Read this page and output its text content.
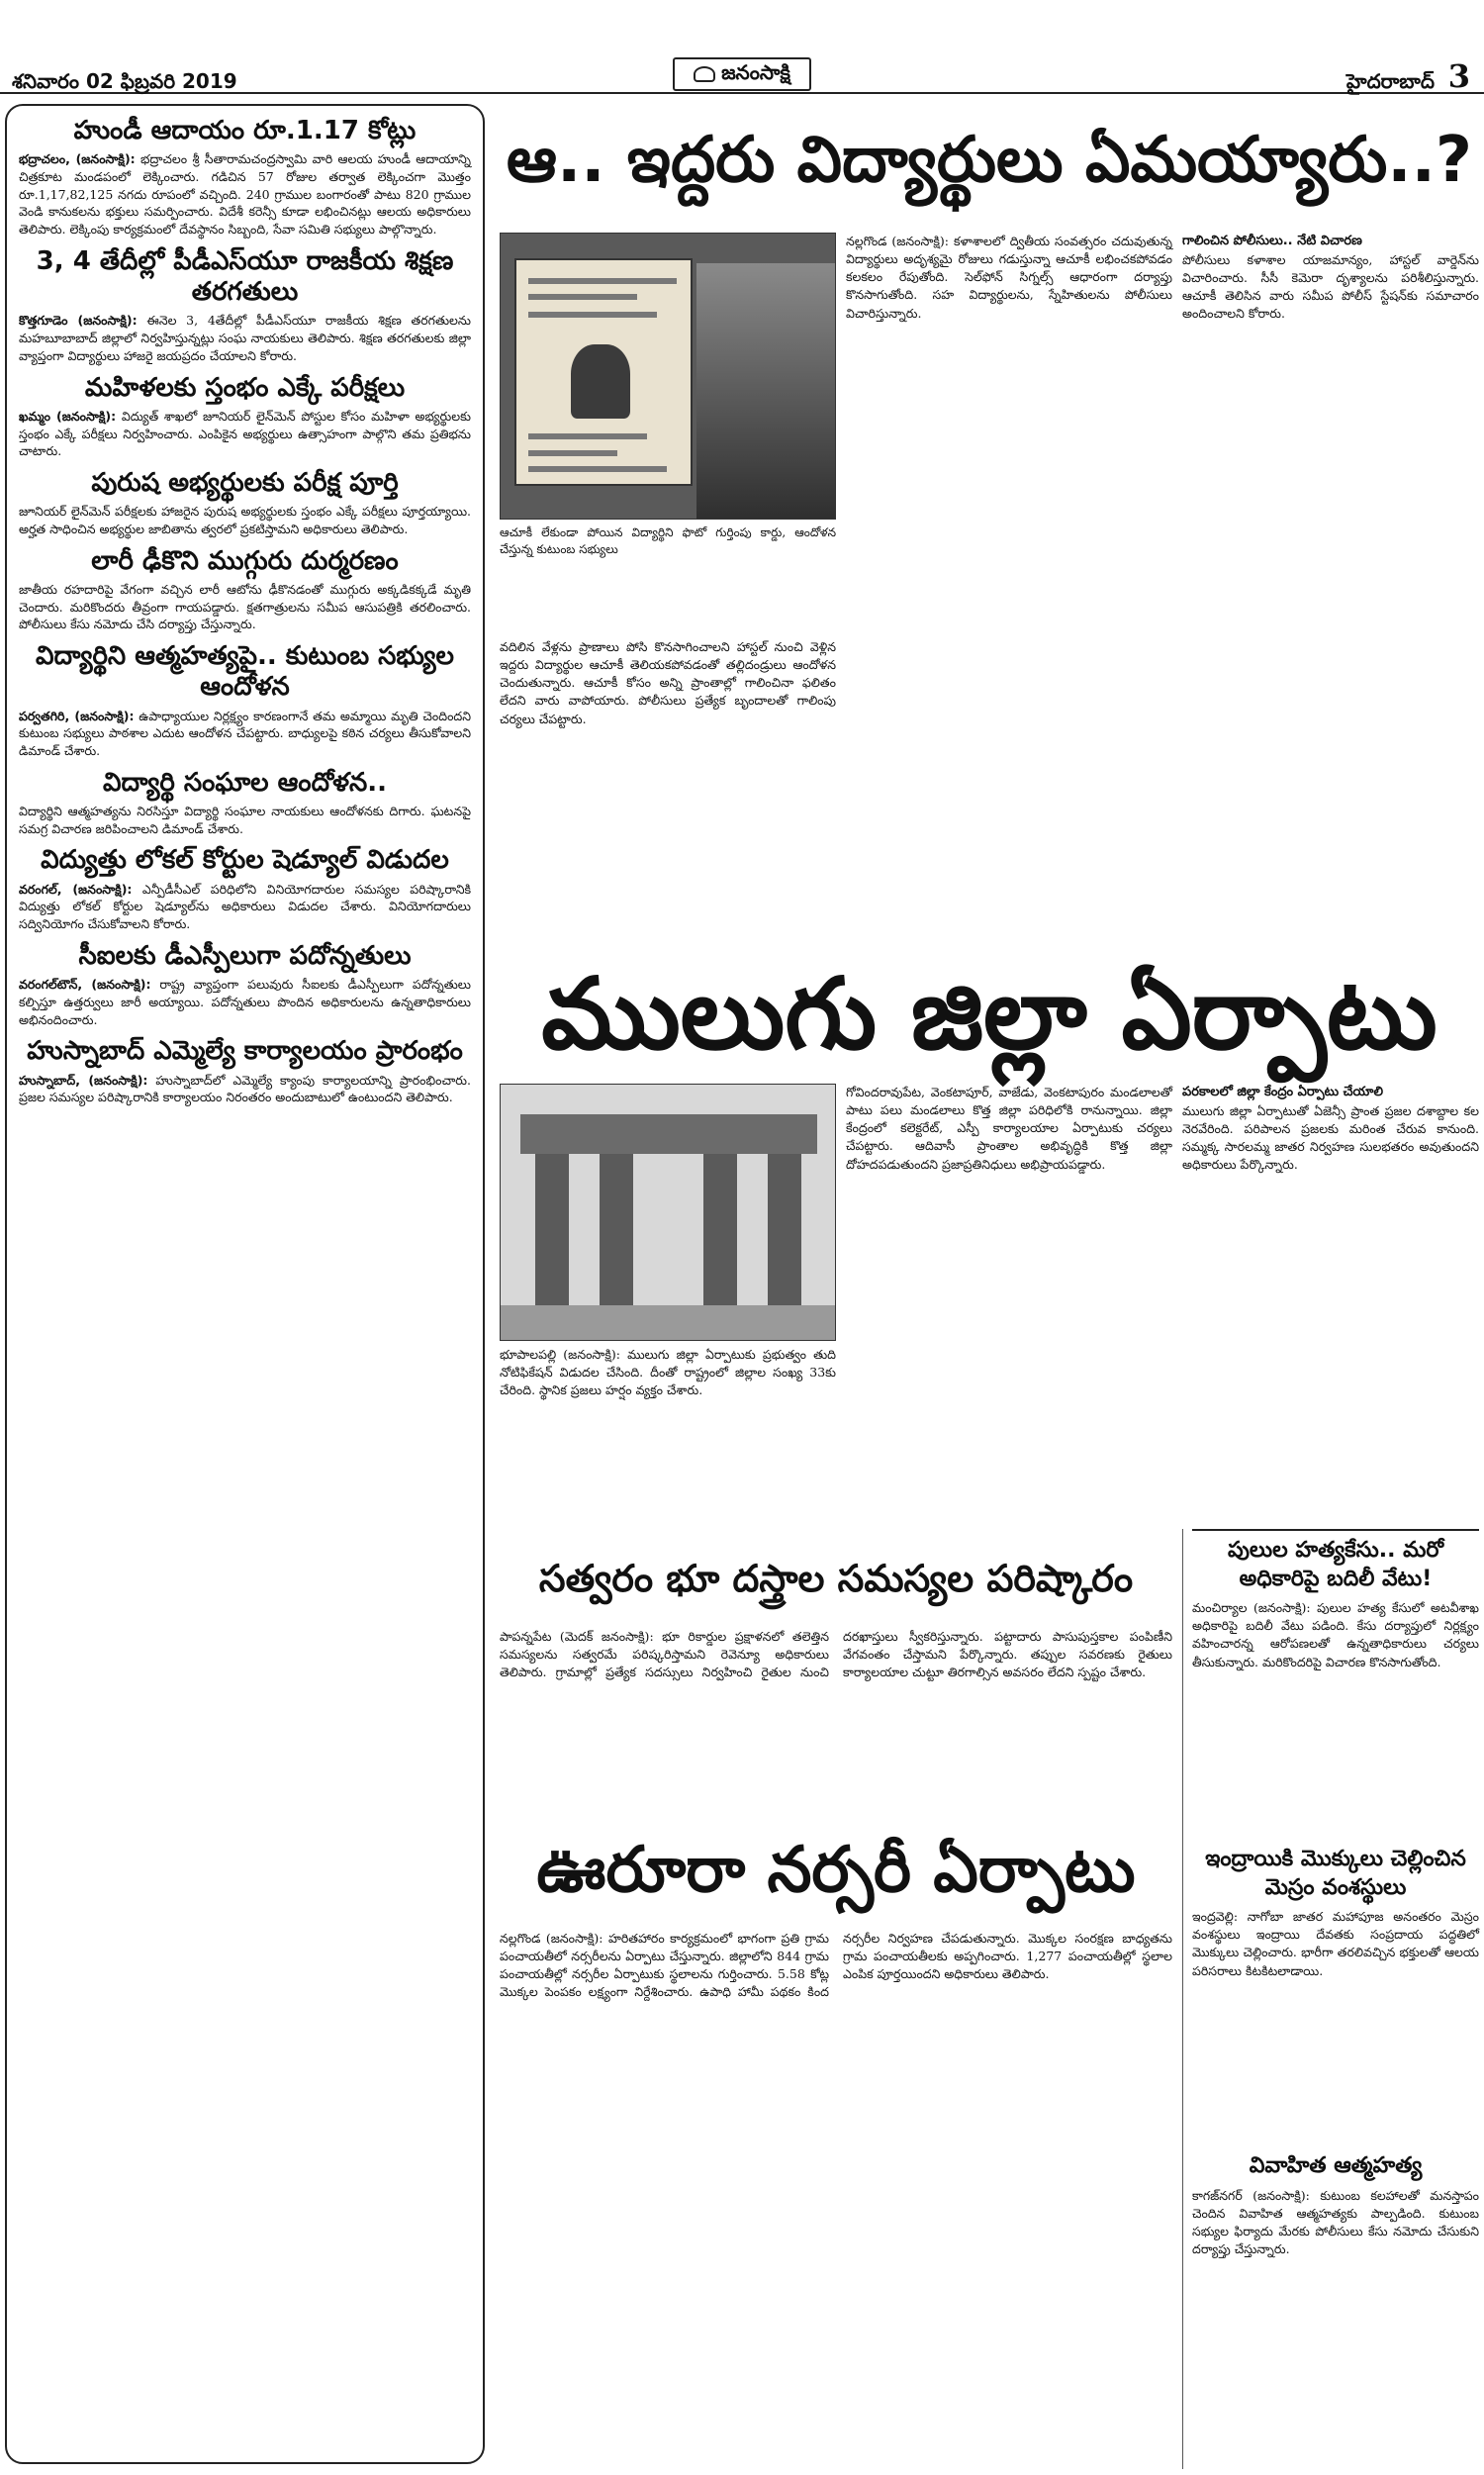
శనివారం 02 ఫిబ్రవరి 2019	జనంసాక్షి	హైదరాబాద్ 3
హుండీ ఆదాయం రూ.1.17 కోట్లు

భద్రాచలం, (జనంసాక్షి): భద్రాచలం శ్రీ సీతారామచంద్రస్వామి వారి ఆలయ హుండీ ఆదాయాన్ని చిత్రకూట మండపంలో లెక్కించారు. గడిచిన 57 రోజుల తర్వాత లెక్కించగా మొత్తం రూ.1,17,82,125 నగదు రూపంలో వచ్చింది. 240 గ్రాముల బంగారంతో పాటు 820 గ్రాముల వెండి కానుకలను భక్తులు సమర్పించారు. విదేశీ కరెన్సీ కూడా లభించినట్లు ఆలయ అధికారులు తెలిపారు. లెక్కింపు కార్యక్రమంలో దేవస్థానం సిబ్బంది, సేవా సమితి సభ్యులు పాల్గొన్నారు.

3, 4 తేదీల్లో పీడీఎస్‌యూ రాజకీయ శిక్షణ తరగతులు

కొత్తగూడెం (జనంసాక్షి): ఈనెల 3, 4తేదీల్లో పీడీఎస్‌యూ రాజకీయ శిక్షణ తరగతులను మహబూబాబాద్ జిల్లాలో నిర్వహిస్తున్నట్లు సంఘ నాయకులు తెలిపారు. శిక్షణ తరగతులకు జిల్లా వ్యాప్తంగా విద్యార్థులు హాజరై జయప్రదం చేయాలని కోరారు.

మహిళలకు స్తంభం ఎక్కే పరీక్షలు

ఖమ్మం (జనంసాక్షి): విద్యుత్ శాఖలో జూనియర్ లైన్‌మెన్ పోస్టుల కోసం మహిళా అభ్యర్థులకు స్తంభం ఎక్కే పరీక్షలు నిర్వహించారు. ఎంపికైన అభ్యర్థులు ఉత్సాహంగా పాల్గొని తమ ప్రతిభను చాటారు.

పురుష అభ్యర్థులకు పరీక్ష పూర్తి

జూనియర్ లైన్‌మెన్ పరీక్షలకు హాజరైన పురుష అభ్యర్థులకు స్తంభం ఎక్కే పరీక్షలు పూర్తయ్యాయి. అర్హత సాధించిన అభ్యర్థుల జాబితాను త్వరలో ప్రకటిస్తామని అధికారులు తెలిపారు.

లారీ ఢీకొని ముగ్గురు దుర్మరణం

జాతీయ రహదారిపై వేగంగా వచ్చిన లారీ ఆటోను ఢీకొనడంతో ముగ్గురు అక్కడికక్కడే మృతి చెందారు. మరికొందరు తీవ్రంగా గాయపడ్డారు. క్షతగాత్రులను సమీప ఆసుపత్రికి తరలించారు. పోలీసులు కేసు నమోదు చేసి దర్యాప్తు చేస్తున్నారు.

విద్యార్థిని ఆత్మహత్యపై.. కుటుంబ సభ్యుల ఆందోళన

పర్వతగిరి, (జనంసాక్షి): ఉపాధ్యాయుల నిర్లక్ష్యం కారణంగానే తమ అమ్మాయి మృతి చెందిందని కుటుంబ సభ్యులు పాఠశాల ఎదుట ఆందోళన చేపట్టారు. బాధ్యులపై కఠిన చర్యలు తీసుకోవాలని డిమాండ్ చేశారు.

విద్యార్థి సంఘాల ఆందోళన..

విద్యార్థిని ఆత్మహత్యను నిరసిస్తూ విద్యార్థి సంఘాల నాయకులు ఆందోళనకు దిగారు. ఘటనపై సమగ్ర విచారణ జరిపించాలని డిమాండ్ చేశారు.

విద్యుత్తు లోకల్ కోర్టుల షెడ్యూల్ విడుదల

వరంగల్, (జనంసాక్షి): ఎన్పీడీసీఎల్ పరిధిలోని వినియోగదారుల సమస్యల పరిష్కారానికి విద్యుత్తు లోకల్ కోర్టుల షెడ్యూల్‌ను అధికారులు విడుదల చేశారు. వినియోగదారులు సద్వినియోగం చేసుకోవాలని కోరారు.

సీఐలకు డీఎస్పీలుగా పదోన్నతులు

వరంగల్‌టౌన్, (జనంసాక్షి): రాష్ట్ర వ్యాప్తంగా పలువురు సీఐలకు డీఎస్పీలుగా పదోన్నతులు కల్పిస్తూ ఉత్తర్వులు జారీ అయ్యాయి. పదోన్నతులు పొందిన అధికారులను ఉన్నతాధికారులు అభినందించారు.

హుస్నాబాద్ ఎమ్మెల్యే కార్యాలయం ప్రారంభం

హుస్నాబాద్, (జనంసాక్షి): హుస్నాబాద్‌లో ఎమ్మెల్యే క్యాంపు కార్యాలయాన్ని ప్రారంభించారు. ప్రజల సమస్యల పరిష్కారానికి కార్యాలయం నిరంతరం అందుబాటులో ఉంటుందని తెలిపారు.

ఆ.. ఇద్దరు విద్యార్థులు ఏమయ్యారు..?

ఆచూకీ లేకుండా పోయిన విద్యార్థిని ఫొటో గుర్తింపు కార్డు, ఆందోళన చేస్తున్న కుటుంబ సభ్యులు

వదిలిన వేళ్లను ప్రాణాలు పోసి కొనసాగించాలని హాస్టల్ నుంచి వెళ్లిన ఇద్దరు విద్యార్థుల ఆచూకీ తెలియకపోవడంతో తల్లిదండ్రులు ఆందోళన చెందుతున్నారు. ఆచూకీ కోసం అన్ని ప్రాంతాల్లో గాలించినా ఫలితం లేదని వారు వాపోయారు. పోలీసులు ప్రత్యేక బృందాలతో గాలింపు చర్యలు చేపట్టారు.

నల్లగొండ (జనంసాక్షి): కళాశాలలో ద్వితీయ సంవత్సరం చదువుతున్న విద్యార్థులు అదృశ్యమై రోజులు గడుస్తున్నా ఆచూకీ లభించకపోవడం కలకలం రేపుతోంది. సెల్‌ఫోన్ సిగ్నల్స్ ఆధారంగా దర్యాప్తు కొనసాగుతోంది. సహ విద్యార్థులను, స్నేహితులను పోలీసులు విచారిస్తున్నారు.

గాలించిన పోలీసులు.. నేటి విచారణ

పోలీసులు కళాశాల యాజమాన్యం, హాస్టల్ వార్డెన్‌ను విచారించారు. సీసీ కెమెరా దృశ్యాలను పరిశీలిస్తున్నారు. ఆచూకీ తెలిసిన వారు సమీప పోలీస్ స్టేషన్‌కు సమాచారం అందించాలని కోరారు.

ములుగు జిల్లా ఏర్పాటు

భూపాలపల్లి (జనంసాక్షి): ములుగు జిల్లా ఏర్పాటుకు ప్రభుత్వం తుది నోటిఫికేషన్ విడుదల చేసింది. దీంతో రాష్ట్రంలో జిల్లాల సంఖ్య 33కు చేరింది. స్థానిక ప్రజలు హర్షం వ్యక్తం చేశారు.

గోవిందరావుపేట, వెంకటాపూర్, వాజేడు, వెంకటాపురం మండలాలతో పాటు పలు మండలాలు కొత్త జిల్లా పరిధిలోకి రానున్నాయి. జిల్లా కేంద్రంలో కలెక్టరేట్, ఎస్పీ కార్యాలయాల ఏర్పాటుకు చర్యలు చేపట్టారు. ఆదివాసీ ప్రాంతాల అభివృద్ధికి కొత్త జిల్లా దోహదపడుతుందని ప్రజాప్రతినిధులు అభిప్రాయపడ్డారు.

పరకాలలో జిల్లా కేంద్రం ఏర్పాటు చేయాలి

ములుగు జిల్లా ఏర్పాటుతో ఏజెన్సీ ప్రాంత ప్రజల దశాబ్దాల కల నెరవేరింది. పరిపాలన ప్రజలకు మరింత చేరువ కానుంది. సమ్మక్క సారలమ్మ జాతర నిర్వహణ సులభతరం అవుతుందని అధికారులు పేర్కొన్నారు.

సత్వరం భూ దస్త్రాల సమస్యల పరిష్కారం

పాపన్నపేట (మెదక్ జనంసాక్షి): భూ రికార్డుల ప్రక్షాళనలో తలెత్తిన సమస్యలను సత్వరమే పరిష్కరిస్తామని రెవెన్యూ అధికారులు తెలిపారు. గ్రామాల్లో ప్రత్యేక సదస్సులు నిర్వహించి రైతుల నుంచి దరఖాస్తులు స్వీకరిస్తున్నారు. పట్టాదారు పాసుపుస్తకాల పంపిణీని వేగవంతం చేస్తామని పేర్కొన్నారు. తప్పుల సవరణకు రైతులు కార్యాలయాల చుట్టూ తిరగాల్సిన అవసరం లేదని స్పష్టం చేశారు.

ఊరూరా నర్సరీ ఏర్పాటు

నల్లగొండ (జనంసాక్షి): హరితహారం కార్యక్రమంలో భాగంగా ప్రతి గ్రామ పంచాయతీలో నర్సరీలను ఏర్పాటు చేస్తున్నారు. జిల్లాలోని 844 గ్రామ పంచాయతీల్లో నర్సరీల ఏర్పాటుకు స్థలాలను గుర్తించారు. 5.58 కోట్ల మొక్కల పెంపకం లక్ష్యంగా నిర్దేశించారు. ఉపాధి హామీ పథకం కింద నర్సరీల నిర్వహణ చేపడుతున్నారు. మొక్కల సంరక్షణ బాధ్యతను గ్రామ పంచాయతీలకు అప్పగించారు. 1,277 పంచాయతీల్లో స్థలాల ఎంపిక పూర్తయిందని అధికారులు తెలిపారు.

పులుల హత్యకేసు.. మరో అధికారిపై బదిలీ వేటు!

మంచిర్యాల (జనంసాక్షి): పులుల హత్య కేసులో అటవీశాఖ అధికారిపై బదిలీ వేటు పడింది. కేసు దర్యాప్తులో నిర్లక్ష్యం వహించారన్న ఆరోపణలతో ఉన్నతాధికారులు చర్యలు తీసుకున్నారు. మరికొందరిపై విచారణ కొనసాగుతోంది.

ఇంద్రాయికి మొక్కులు చెల్లించిన మెస్రం వంశస్థులు

ఇంద్రవెల్లి: నాగోబా జాతర మహాపూజ అనంతరం మెస్రం వంశస్థులు ఇంద్రాయి దేవతకు సంప్రదాయ పద్ధతిలో మొక్కులు చెల్లించారు. భారీగా తరలివచ్చిన భక్తులతో ఆలయ పరిసరాలు కిటకిటలాడాయి.

వివాహిత ఆత్మహత్య

కాగజ్‌నగర్ (జనంసాక్షి): కుటుంబ కలహాలతో మనస్తాపం చెందిన వివాహిత ఆత్మహత్యకు పాల్పడింది. కుటుంబ సభ్యుల ఫిర్యాదు మేరకు పోలీసులు కేసు నమోదు చేసుకుని దర్యాప్తు చేస్తున్నారు.
